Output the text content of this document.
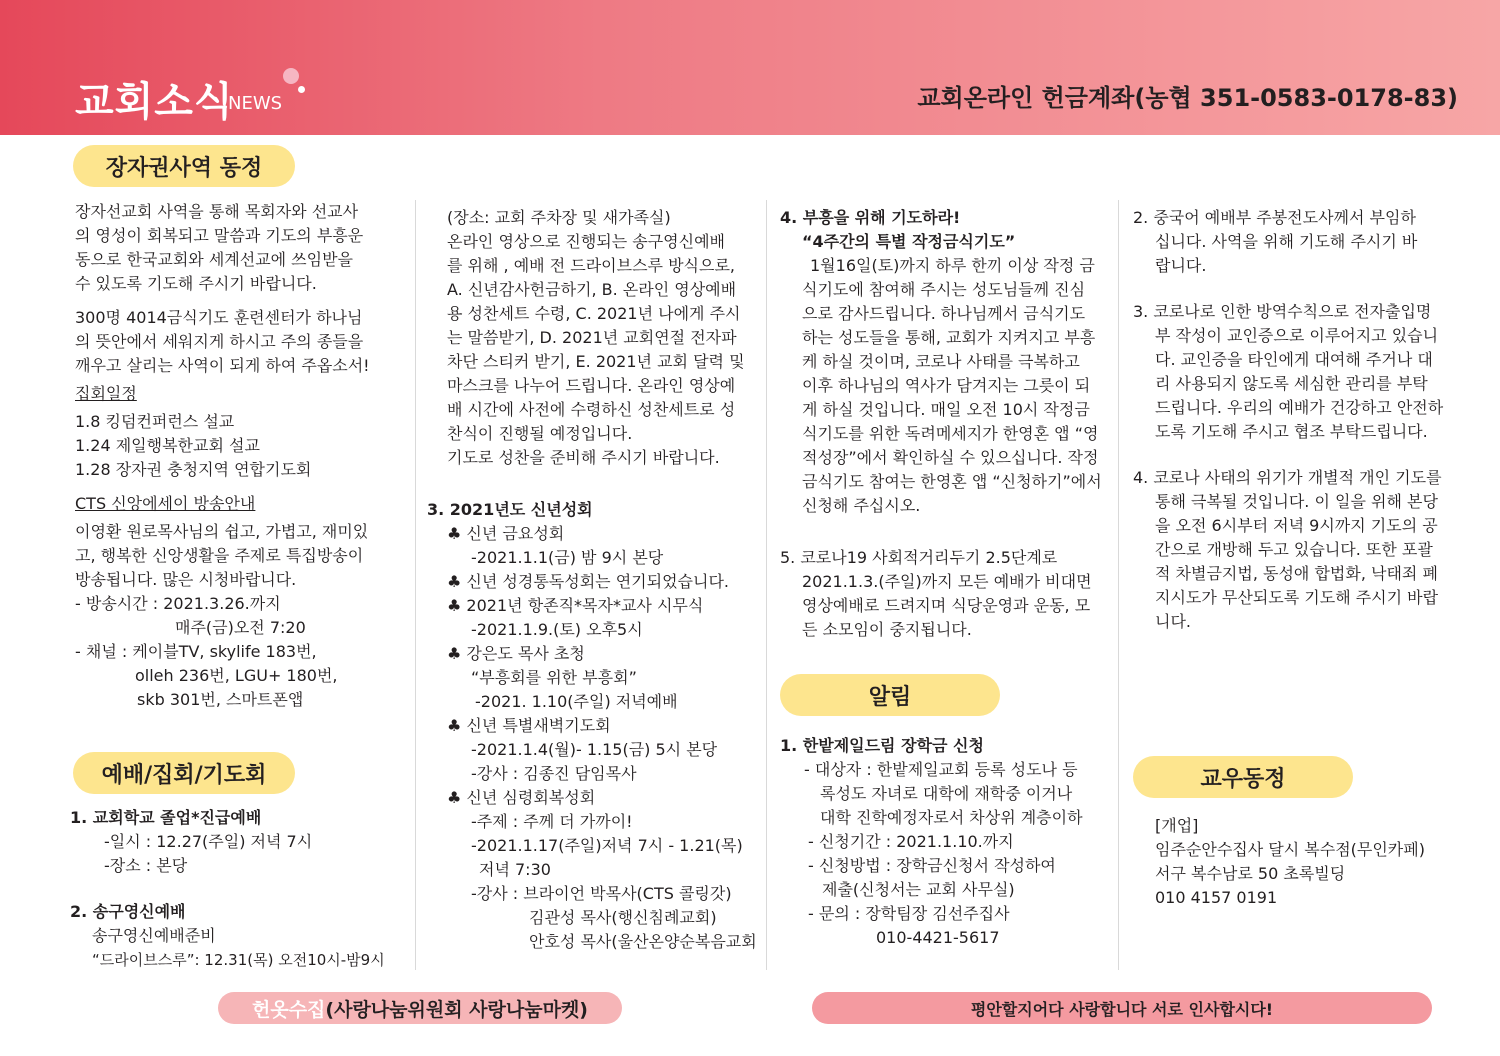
교회소식
NEWS	교회온라인 헌금계좌(농협 351-0583-0178-83)
장자권사역 동정
예배/집회/기도회
알림
교우동정

장자선교회 사역을 통해 목회자와 선교사

의 영성이 회복되고 말씀과 기도의 부흥운

동으로 한국교회와 세계선교에 쓰임받을

수 있도록 기도해 주시기 바랍니다.

300명 4014금식기도 훈련센터가 하나님

의 뜻안에서 세워지게 하시고 주의 종들을

깨우고 살리는 사역이 되게 하여 주옵소서!

집회일정

1.8 킹덤컨퍼런스 설교

1.24 제일행복한교회 설교

1.28 장자권 충청지역 연합기도회

CTS 신앙에세이 방송안내

이영환 원로목사님의 쉽고, 가볍고, 재미있

고, 행복한 신앙생활을 주제로 특집방송이

방송됩니다. 많은 시청바랍니다.

- 방송시간 : 2021.3.26.까지

매주(금)오전 7:20

- 채널 : 케이블TV, skylife 183번,

olleh 236번, LGU+ 180번,

skb 301번, 스마트폰앱

1. 교회학교 졸업*진급예배

-일시 : 12.27(주일) 저녁 7시

-장소 : 본당

2. 송구영신예배

송구영신예배준비

“드라이브스루”: 12.31(목) 오전10시-밤9시

(장소: 교회 주차장 및 새가족실)

온라인 영상으로 진행되는 송구영신예배

를 위해 , 예배 전 드라이브스루 방식으로,

A. 신년감사헌금하기, B. 온라인 영상예배

용 성찬세트 수령, C. 2021년 나에게 주시

는 말씀받기, D. 2021년 교회연절 전자파

차단 스티커 받기, E. 2021년 교회 달력 및

마스크를 나누어 드립니다. 온라인 영상예

배 시간에 사전에 수령하신 성찬세트로 성

찬식이 진행될 예정입니다.

기도로 성찬을 준비해 주시기 바랍니다.

3. 2021년도 신년성회

♣ 신년 금요성회

-2021.1.1(금) 밤 9시 본당

♣ 신년 성경통독성회는 연기되었습니다.

♣ 2021년 항존직*목자*교사 시무식

-2021.1.9.(토) 오후5시

♣ 강은도 목사 초청

“부흥회를 위한 부흥회”

-2021. 1.10(주일) 저녁예배

♣ 신년 특별새벽기도회

-2021.1.4(월)- 1.15(금) 5시 본당

-강사 : 김종진 담임목사

♣ 신년 심령회복성회

-주제 : 주께 더 가까이!

-2021.1.17(주일)저녁 7시 - 1.21(목)

저녁 7:30

-강사 : 브라이언 박목사(CTS 콜링갓)

김관성 목사(행신침례교회)

안호성 목사(울산온양순복음교회

4. 부흥을 위해 기도하라!

“4주간의 특별 작정금식기도”

1월16일(토)까지 하루 한끼 이상 작정 금

식기도에 참여해 주시는 성도님들께 진심

으로 감사드립니다. 하나님께서 금식기도

하는 성도들을 통해, 교회가 지켜지고 부흥

케 하실 것이며, 코로나 사태를 극복하고

이후 하나님의 역사가 담겨지는 그릇이 되

게 하실 것입니다. 매일 오전 10시 작정금

식기도를 위한 독려메세지가 한영혼 앱 “영

적성장”에서 확인하실 수 있으십니다. 작정

금식기도 참여는 한영혼 앱 “신청하기”에서

신청해 주십시오.

5. 코로나19 사회적거리두기 2.5단계로

2021.1.3.(주일)까지 모든 예배가 비대면

영상예배로 드려지며 식당운영과 운동, 모

든 소모임이 중지됩니다.

1. 한밭제일드림 장학금 신청

- 대상자 : 한밭제일교회 등록 성도나 등

록성도 자녀로 대학에 재학중 이거나

대학 진학예정자로서 차상위 계층이하

- 신청기간 : 2021.1.10.까지

- 신청방법 : 장학금신청서 작성하여

제출(신청서는 교회 사무실)

- 문의 : 장학팀장 김선주집사

010-4421-5617

2. 중국어 예배부 주봉전도사께서 부임하

십니다. 사역을 위해 기도해 주시기 바

랍니다.

3. 코로나로 인한 방역수칙으로 전자출입명

부 작성이 교인증으로 이루어지고 있습니

다. 교인증을 타인에게 대여해 주거나 대

리 사용되지 않도록 세심한 관리를 부탁

드립니다. 우리의 예배가 건강하고 안전하

도록 기도해 주시고 협조 부탁드립니다.

4. 코로나 사태의 위기가 개별적 개인 기도를

통해 극복될 것입니다. 이 일을 위해 본당

을 오전 6시부터 저녁 9시까지 기도의 공

간으로 개방해 두고 있습니다. 또한 포괄

적 차별금지법, 동성애 합법화, 낙태죄 폐

지시도가 무산되도록 기도해 주시기 바랍

니다.

[개업]

임주순안수집사 달시 복수점(무인카페)

서구 복수남로 50 초록빌딩

010 4157 0191

헌옷수집 (사랑나눔위원회 사랑나눔마켓)	평안할지어다 사랑합니다 서로 인사합시다!
